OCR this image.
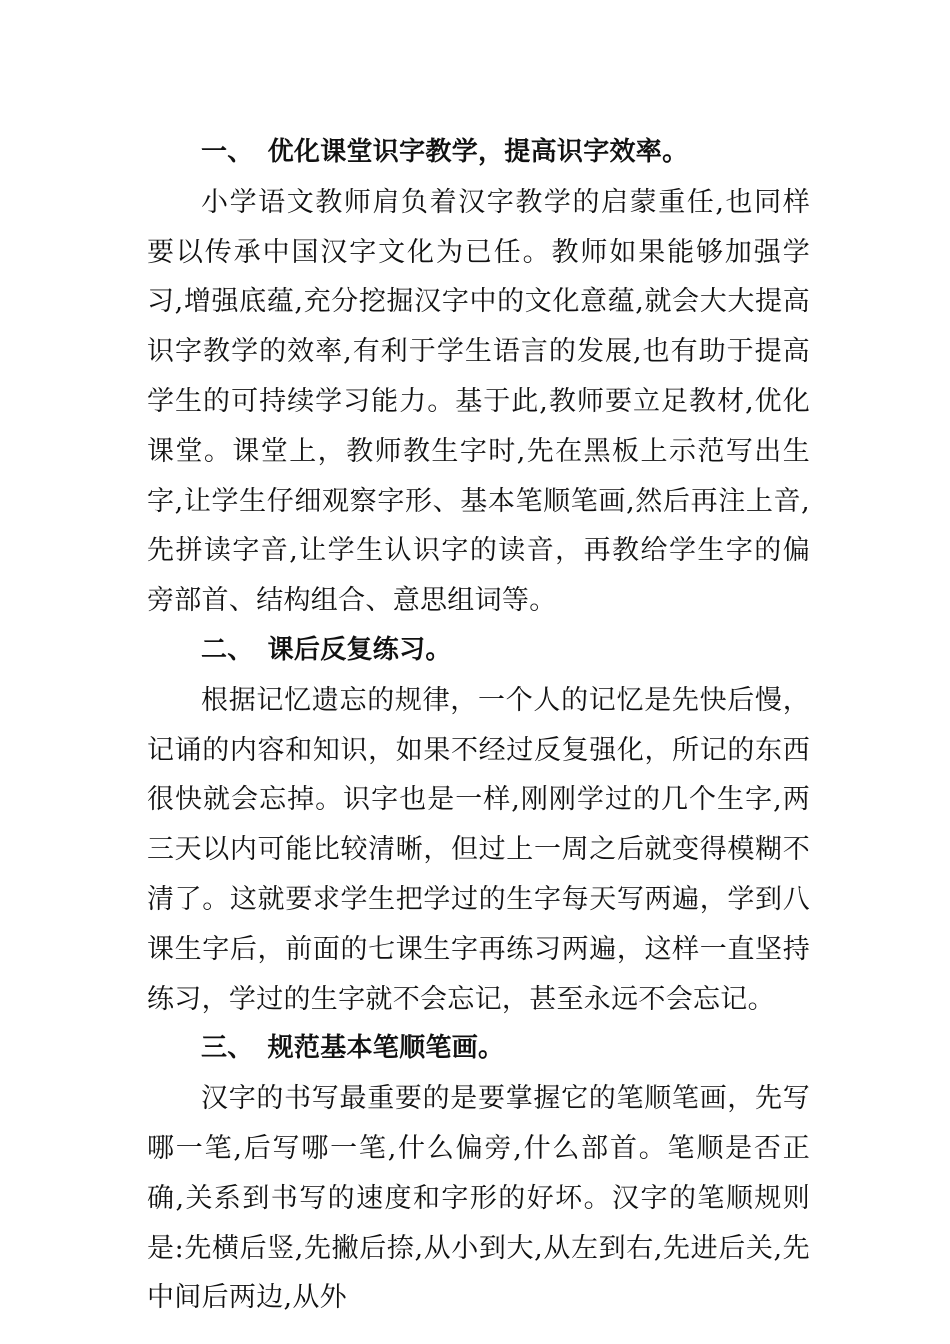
一、 优化课堂识字教学，提高识字效率。

小学语文教师肩负着汉字教学的启蒙重任,也同样要以传承中国汉字文化为已任。教师如果能够加强学习,增强底蕴,充分挖掘汉字中的文化意蕴,就会大大提高识字教学的效率,有利于学生语言的发展,也有助于提高学生的可持续学习能力。基于此,教师要立足教材,优化课堂。课堂上，教师教生字时,先在黑板上示范写出生字,让学生仔细观察字形、基本笔顺笔画,然后再注上音,先拼读字音,让学生认识字的读音，再教给学生字的偏旁部首、结构组合、意思组词等。

二、 课后反复练习。

根据记忆遗忘的规律，一个人的记忆是先快后慢，记诵的内容和知识，如果不经过反复强化，所记的东西很快就会忘掉。识字也是一样,刚刚学过的几个生字,两三天以内可能比较清晰，但过上一周之后就变得模糊不清了。这就要求学生把学过的生字每天写两遍，学到八课生字后，前面的七课生字再练习两遍，这样一直坚持练习，学过的生字就不会忘记，甚至永远不会忘记。

三、 规范基本笔顺笔画。

汉字的书写最重要的是要掌握它的笔顺笔画，先写哪一笔,后写哪一笔,什么偏旁,什么部首。笔顺是否正确,关系到书写的速度和字形的好坏。汉字的笔顺规则是:先横后竖,先撇后捺,从小到大,从左到右,先进后关,先中间后两边,从外
